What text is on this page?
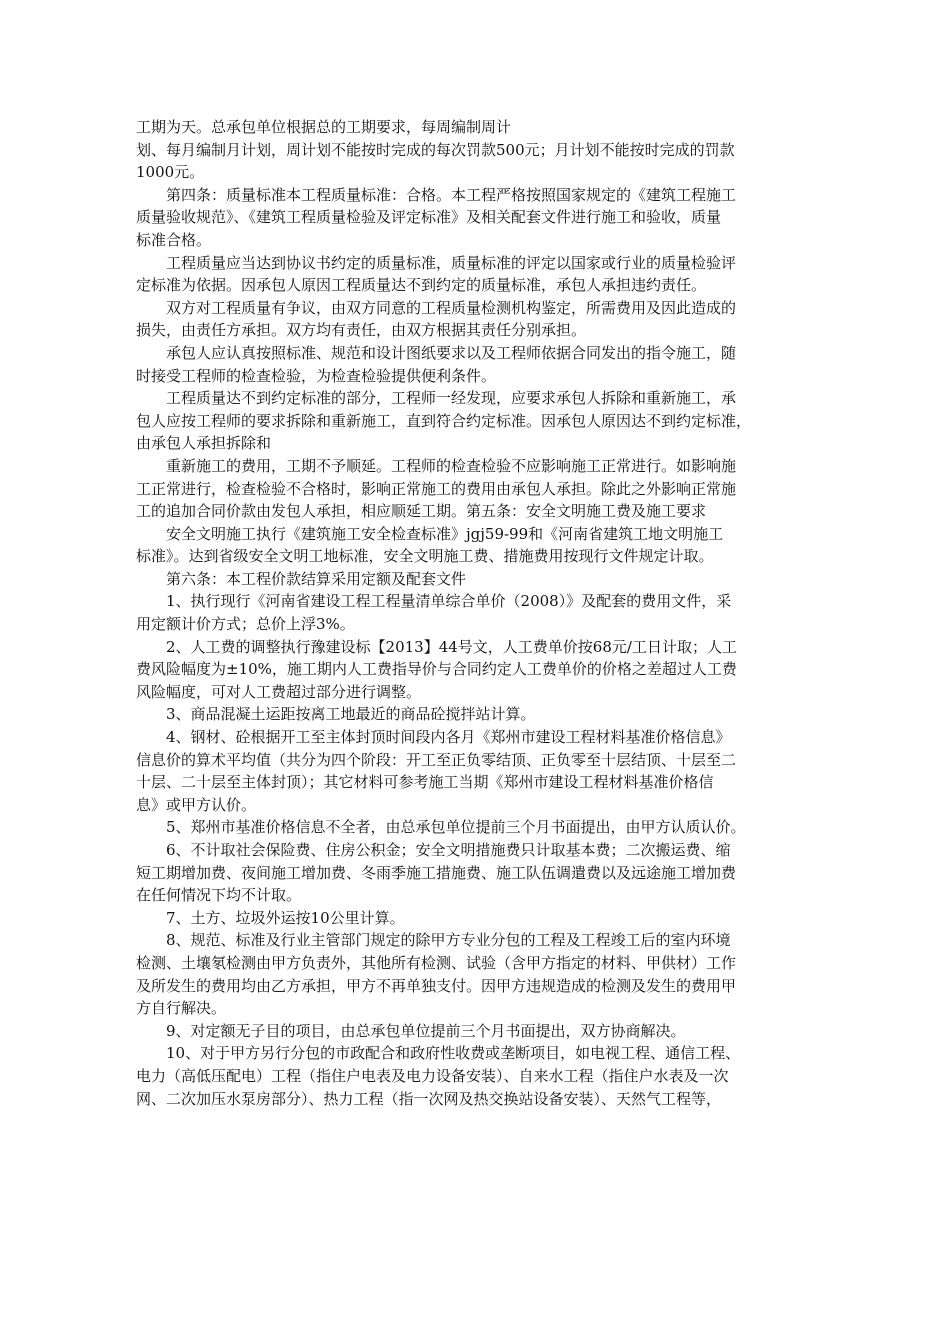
工期为天。总承包单位根据总的工期要求，每周编制周计
划、每月编制月计划，周计划不能按时完成的每次罚款500元；月计划不能按时完成的罚款
1000元。
第四条：质量标准本工程质量标准：合格。本工程严格按照国家规定的《建筑工程施工
质量验收规范》、《建筑工程质量检验及评定标准》及相关配套文件进行施工和验收，质量
标准合格。
工程质量应当达到协议书约定的质量标准，质量标准的评定以国家或行业的质量检验评
定标准为依据。因承包人原因工程质量达不到约定的质量标准，承包人承担违约责任。
双方对工程质量有争议，由双方同意的工程质量检测机构鉴定，所需费用及因此造成的
损失，由责任方承担。双方均有责任，由双方根据其责任分别承担。
承包人应认真按照标准、规范和设计图纸要求以及工程师依据合同发出的指令施工，随
时接受工程师的检查检验，为检查检验提供便利条件。
工程质量达不到约定标准的部分，工程师一经发现，应要求承包人拆除和重新施工，承
包人应按工程师的要求拆除和重新施工，直到符合约定标准。因承包人原因达不到约定标准，
由承包人承担拆除和
重新施工的费用，工期不予顺延。工程师的检查检验不应影响施工正常进行。如影响施
工正常进行，检查检验不合格时，影响正常施工的费用由承包人承担。除此之外影响正常施
工的追加合同价款由发包人承担，相应顺延工期。第五条：安全文明施工费及施工要求
安全文明施工执行《建筑施工安全检查标准》jgj59-99和《河南省建筑工地文明施工
标准》。达到省级安全文明工地标准，安全文明施工费、措施费用按现行文件规定计取。
第六条：本工程价款结算采用定额及配套文件
1、执行现行《河南省建设工程工程量清单综合单价（2008）》及配套的费用文件，采
用定额计价方式；总价上浮3%。
2、人工费的调整执行豫建设标【2013】44号文，人工费单价按68元/工日计取；人工
费风险幅度为±10%，施工期内人工费指导价与合同约定人工费单价的价格之差超过人工费
风险幅度，可对人工费超过部分进行调整。
3、商品混凝土运距按离工地最近的商品砼搅拌站计算。
4、钢材、砼根据开工至主体封顶时间段内各月《郑州市建设工程材料基准价格信息》
信息价的算术平均值（共分为四个阶段：开工至正负零结顶、正负零至十层结顶、十层至二
十层、二十层至主体封顶）；其它材料可参考施工当期《郑州市建设工程材料基准价格信
息》或甲方认价。
5、郑州市基准价格信息不全者，由总承包单位提前三个月书面提出，由甲方认质认价。
6、不计取社会保险费、住房公积金；安全文明措施费只计取基本费；二次搬运费、缩
短工期增加费、夜间施工增加费、冬雨季施工措施费、施工队伍调遣费以及远途施工增加费
在任何情况下均不计取。
7、土方、垃圾外运按10公里计算。
8、规范、标准及行业主管部门规定的除甲方专业分包的工程及工程竣工后的室内环境
检测、土壤氡检测由甲方负责外，其他所有检测、试验（含甲方指定的材料、甲供材）工作
及所发生的费用均由乙方承担，甲方不再单独支付。因甲方违规造成的检测及发生的费用甲
方自行解决。
9、对定额无子目的项目，由总承包单位提前三个月书面提出，双方协商解决。
10、对于甲方另行分包的市政配合和政府性收费或垄断项目，如电视工程、通信工程、
电力（高低压配电）工程（指住户电表及电力设备安装）、自来水工程（指住户水表及一次
网、二次加压水泵房部分）、热力工程（指一次网及热交换站设备安装）、天然气工程等，
